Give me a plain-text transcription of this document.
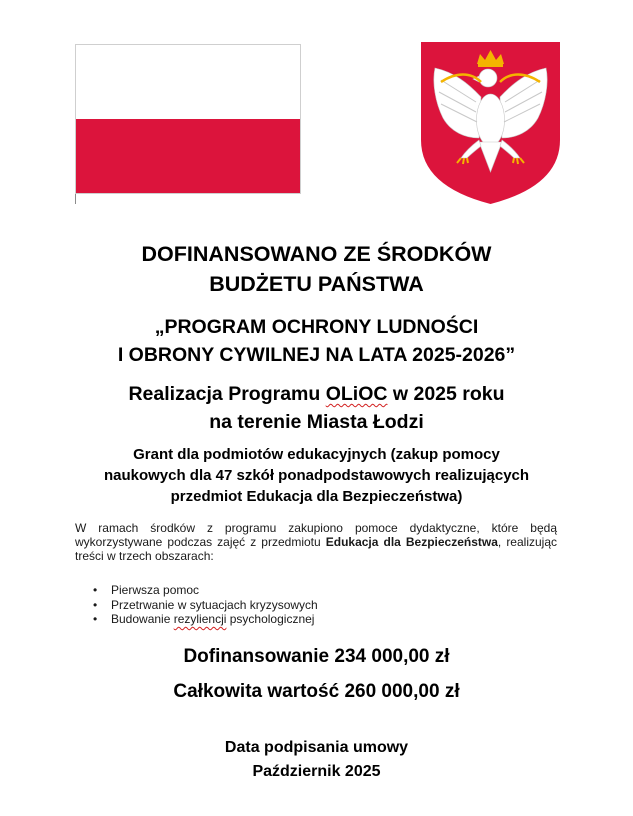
DOFINANSOWANO ZE ŚRODKÓW
BUDŻETU PAŃSTWA
„PROGRAM OCHRONY LUDNOŚCI
I OBRONY CYWILNEJ NA LATA 2025-2026”
Realizacja Programu OLiOC w 2025 roku
na terenie Miasta Łodzi
Grant dla podmiotów edukacyjnych (zakup pomocy
naukowych dla 47 szkół ponadpodstawowych realizujących
przedmiot Edukacja dla Bezpieczeństwa)
W ramach środków z programu zakupiono pomoce dydaktyczne, które będą wykorzystywane podczas zajęć z przedmiotu Edukacja dla Bezpieczeństwa, realizując treści w trzech obszarach:
• Pierwsza pomoc
• Przetrwanie w sytuacjach kryzysowych
• Budowanie rezyliencji psychologicznej
Dofinansowanie 234 000,00 zł
Całkowita wartość 260 000,00 zł
Data podpisania umowy
Październik 2025
